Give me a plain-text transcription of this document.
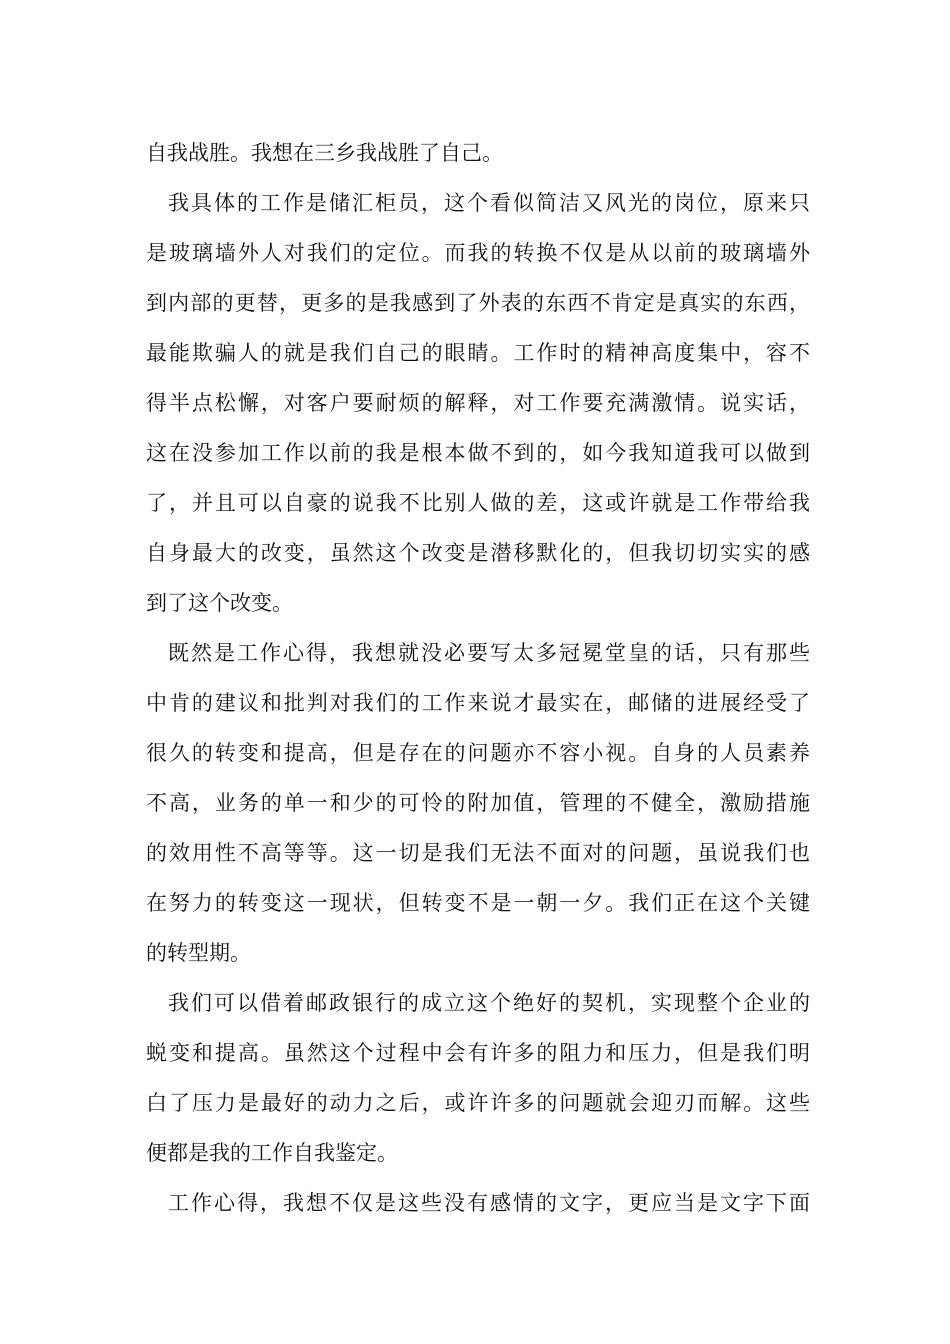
自我战胜。我想在三乡我战胜了自己。
我具体的工作是储汇柜员，这个看似简洁又风光的岗位，原来只
是玻璃墙外人对我们的定位。而我的转换不仅是从以前的玻璃墙外
到内部的更替，更多的是我感到了外表的东西不肯定是真实的东西，
最能欺骗人的就是我们自己的眼睛。工作时的精神高度集中，容不
得半点松懈，对客户要耐烦的解释，对工作要充满激情。说实话，
这在没参加工作以前的我是根本做不到的，如今我知道我可以做到
了，并且可以自豪的说我不比别人做的差，这或许就是工作带给我
自身最大的改变，虽然这个改变是潜移默化的，但我切切实实的感
到了这个改变。
既然是工作心得，我想就没必要写太多冠冕堂皇的话，只有那些
中肯的建议和批判对我们的工作来说才最实在，邮储的进展经受了
很久的转变和提高，但是存在的问题亦不容小视。自身的人员素养
不高，业务的单一和少的可怜的附加值，管理的不健全，激励措施
的效用性不高等等。这一切是我们无法不面对的问题，虽说我们也
在努力的转变这一现状，但转变不是一朝一夕。我们正在这个关键
的转型期。
我们可以借着邮政银行的成立这个绝好的契机，实现整个企业的
蜕变和提高。虽然这个过程中会有许多的阻力和压力，但是我们明
白了压力是最好的动力之后，或许许多的问题就会迎刃而解。这些
便都是我的工作自我鉴定。
工作心得，我想不仅是这些没有感情的文字，更应当是文字下面
